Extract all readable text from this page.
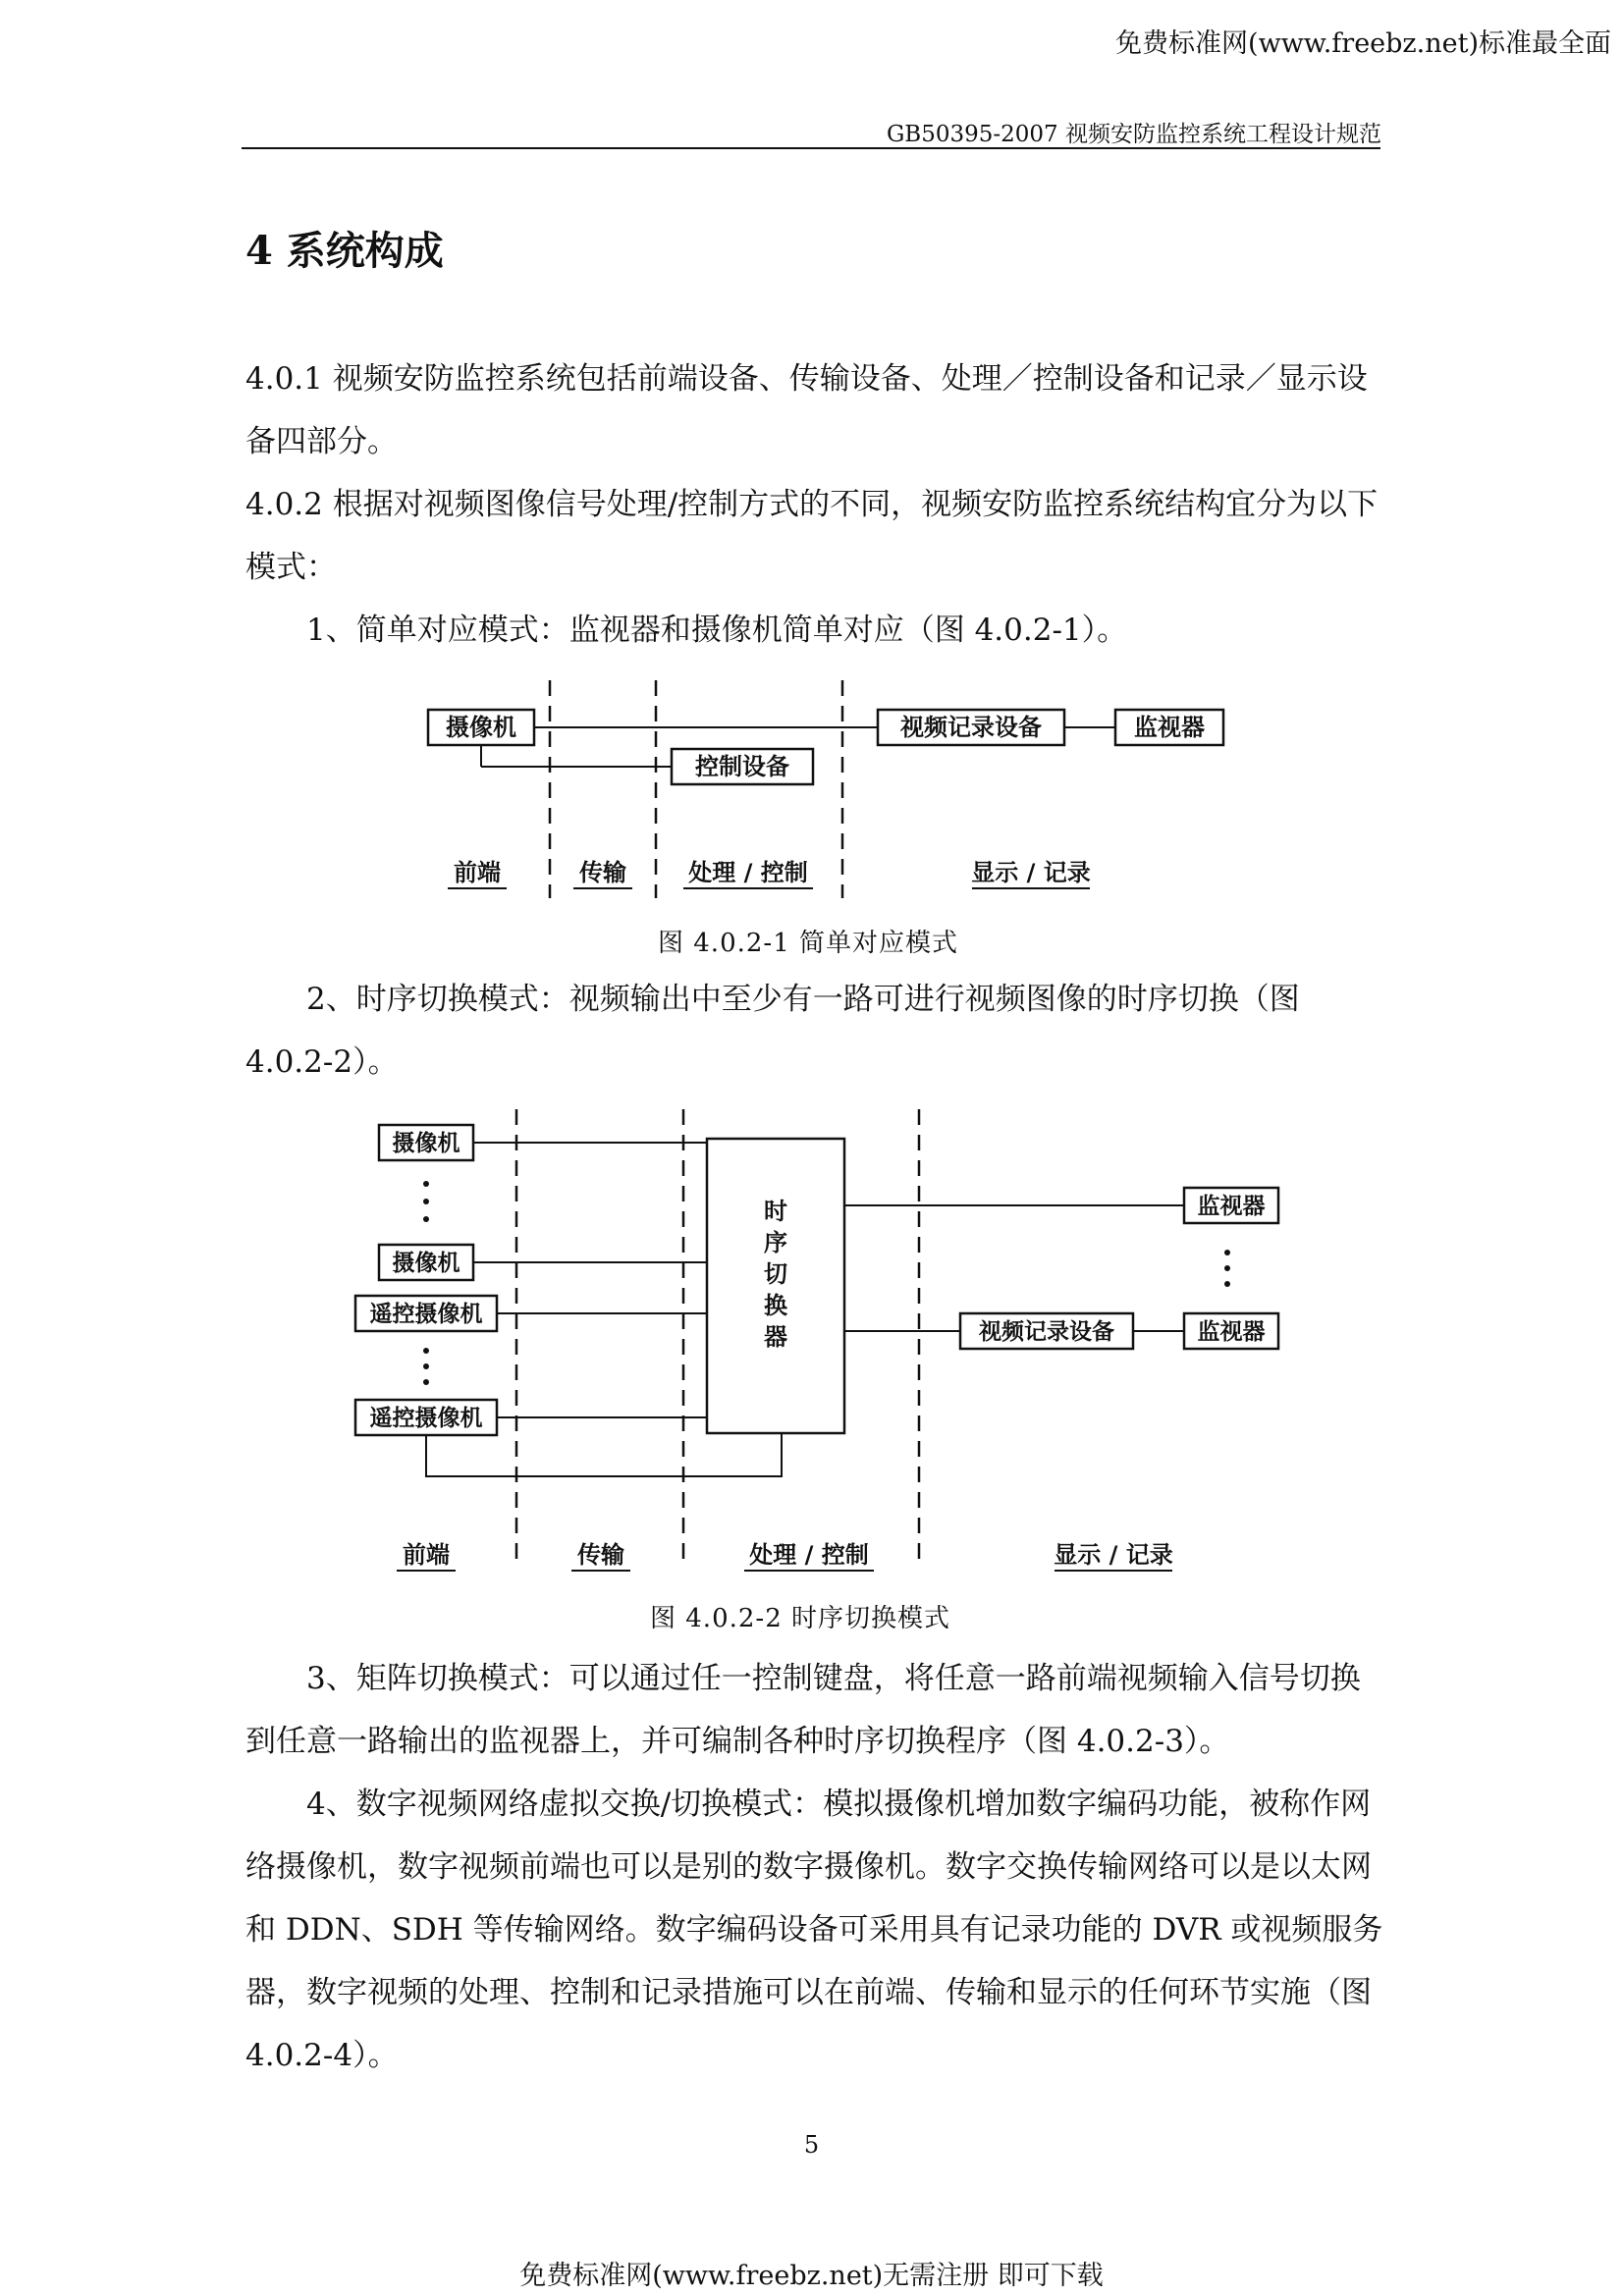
免费标准网(www.freebz.net)标准最全面
GB50395-2007 视频安防监控系统工程设计规范
4 系统构成

4.0.1 视频安防监控系统包括前端设备、传输设备、处理／控制设备和记录／显示设备四部分。

4.0.2 根据对视频图像信号处理/控制方式的不同，视频安防监控系统结构宜分为以下模式：

1、简单对应模式：监视器和摄像机简单对应（图 4.0.2-1）。

摄像机
控制设备
视频记录设备	监视器
前端	传输	处理 / 控制	显示 / 记录
图 4.0.2-1 简单对应模式

2、时序切换模式：视频输出中至少有一路可进行视频图像的时序切换（图 4.0.2-2）。

时
序
切
换
器
摄像机
摄像机
遥控摄像机
遥控摄像机
视频记录设备
监视器
监视器
前端	传输	处理 / 控制	显示 / 记录
图 4.0.2-2 时序切换模式

3、矩阵切换模式：可以通过任一控制键盘，将任意一路前端视频输入信号切换到任意一路输出的监视器上，并可编制各种时序切换程序（图 4.0.2-3）。

4、数字视频网络虚拟交换/切换模式：模拟摄像机增加数字编码功能，被称作网络摄像机，数字视频前端也可以是别的数字摄像机。数字交换传输网络可以是以太网和 DDN、SDH 等传输网络。数字编码设备可采用具有记录功能的 DVR 或视频服务器，数字视频的处理、控制和记录措施可以在前端、传输和显示的任何环节实施（图 4.0.2-4）。

5
免费标准网(www.freebz.net)无需注册 即可下载
